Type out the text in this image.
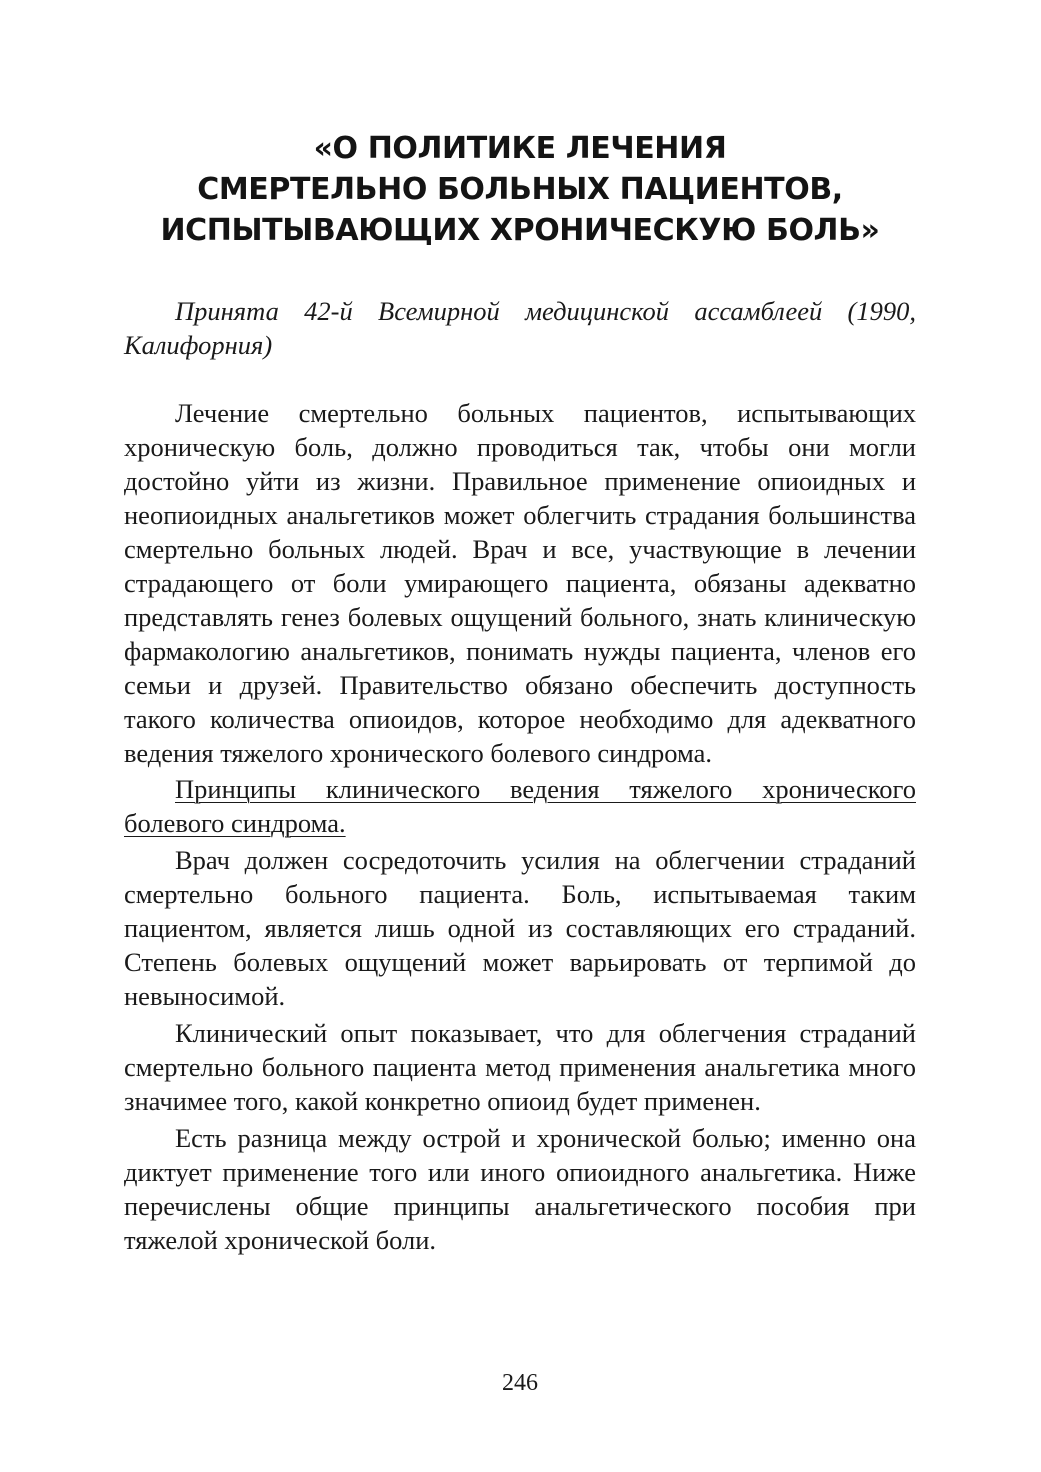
«О ПОЛИТИКЕ ЛЕЧЕНИЯ
СМЕРТЕЛЬНО БОЛЬНЫХ ПАЦИЕНТОВ,
ИСПЫТЫВАЮЩИХ ХРОНИЧЕСКУЮ БОЛЬ»

Принята 42-й Всемирной медицинской ассамблеей (1990, Калифорния)

Лечение смертельно больных пациентов, испытывающих хроническую боль, должно проводиться так, чтобы они могли достойно уйти из жизни. Правильное применение опиоидных и неопиоидных анальгетиков может облегчить страдания большинства смертельно больных людей. Врач и все, участвующие в лечении страдающего от боли умирающего пациента, обязаны адекватно представлять генез болевых ощущений больного, знать клиническую фармакологию анальгетиков, понимать нужды пациента, членов его семьи и друзей. Правительство обязано обеспечить доступность такого количества опиоидов, которое необходимо для адекватного ведения тяжелого хронического болевого синдрома.

Принципы клинического ведения тяжелого хронического болевого синдрома.

Врач должен сосредоточить усилия на облегчении страданий смертельно больного пациента. Боль, испытываемая таким пациентом, является лишь одной из составляющих его страданий. Степень болевых ощущений может варьировать от терпимой до невыносимой.

Клинический опыт показывает, что для облегчения страданий смертельно больного пациента метод применения анальгетика много значимее того, какой конкретно опиоид будет применен.

Есть разница между острой и хронической болью; именно она диктует применение того или иного опиоидного анальгетика. Ниже перечислены общие принципы анальгетического пособия при тяжелой хронической боли.

246
